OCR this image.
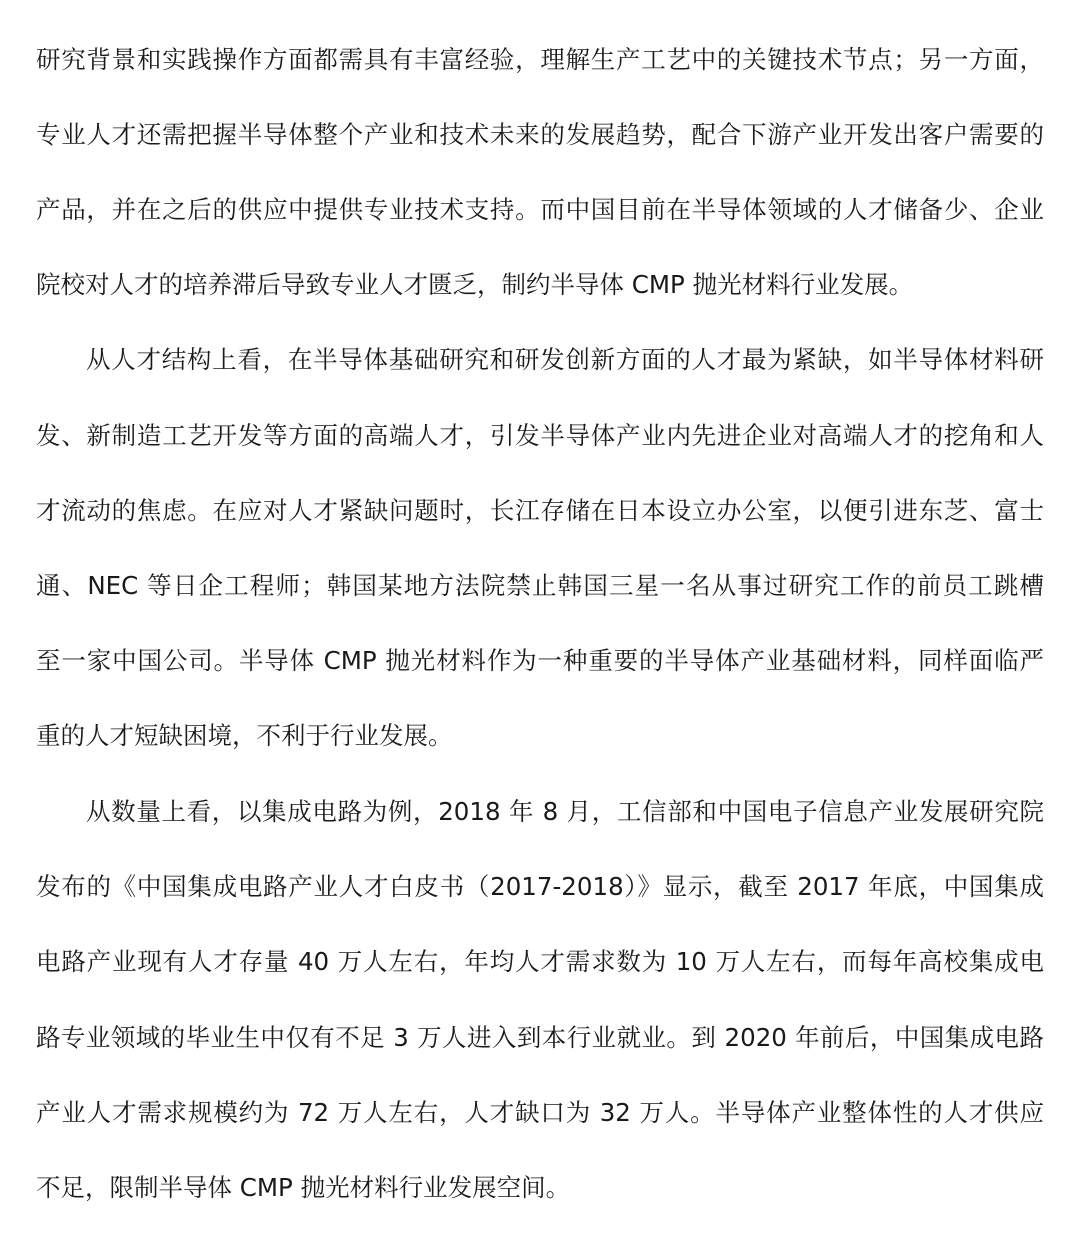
研究背景和实践操作方面都需具有丰富经验，理解生产工艺中的关键技术节点；另一方面，
专业人才还需把握半导体整个产业和技术未来的发展趋势，配合下游产业开发出客户需要的
产品，并在之后的供应中提供专业技术支持。而中国目前在半导体领域的人才储备少、企业
院校对人才的培养滞后导致专业人才匮乏，制约半导体 CMP 抛光材料行业发展。
从人才结构上看，在半导体基础研究和研发创新方面的人才最为紧缺，如半导体材料研
发、新制造工艺开发等方面的高端人才，引发半导体产业内先进企业对高端人才的挖角和人
才流动的焦虑。在应对人才紧缺问题时，长江存储在日本设立办公室，以便引进东芝、富士
通、NEC 等日企工程师；韩国某地方法院禁止韩国三星一名从事过研究工作的前员工跳槽
至一家中国公司。半导体 CMP 抛光材料作为一种重要的半导体产业基础材料，同样面临严
重的人才短缺困境，不利于行业发展。
从数量上看，以集成电路为例，2018 年 8 月，工信部和中国电子信息产业发展研究院
发布的《中国集成电路产业人才白皮书（2017-2018）》显示，截至 2017 年底，中国集成
电路产业现有人才存量 40 万人左右，年均人才需求数为 10 万人左右，而每年高校集成电
路专业领域的毕业生中仅有不足 3 万人进入到本行业就业。到 2020 年前后，中国集成电路
产业人才需求规模约为 72 万人左右，人才缺口为 32 万人。半导体产业整体性的人才供应
不足，限制半导体 CMP 抛光材料行业发展空间。
